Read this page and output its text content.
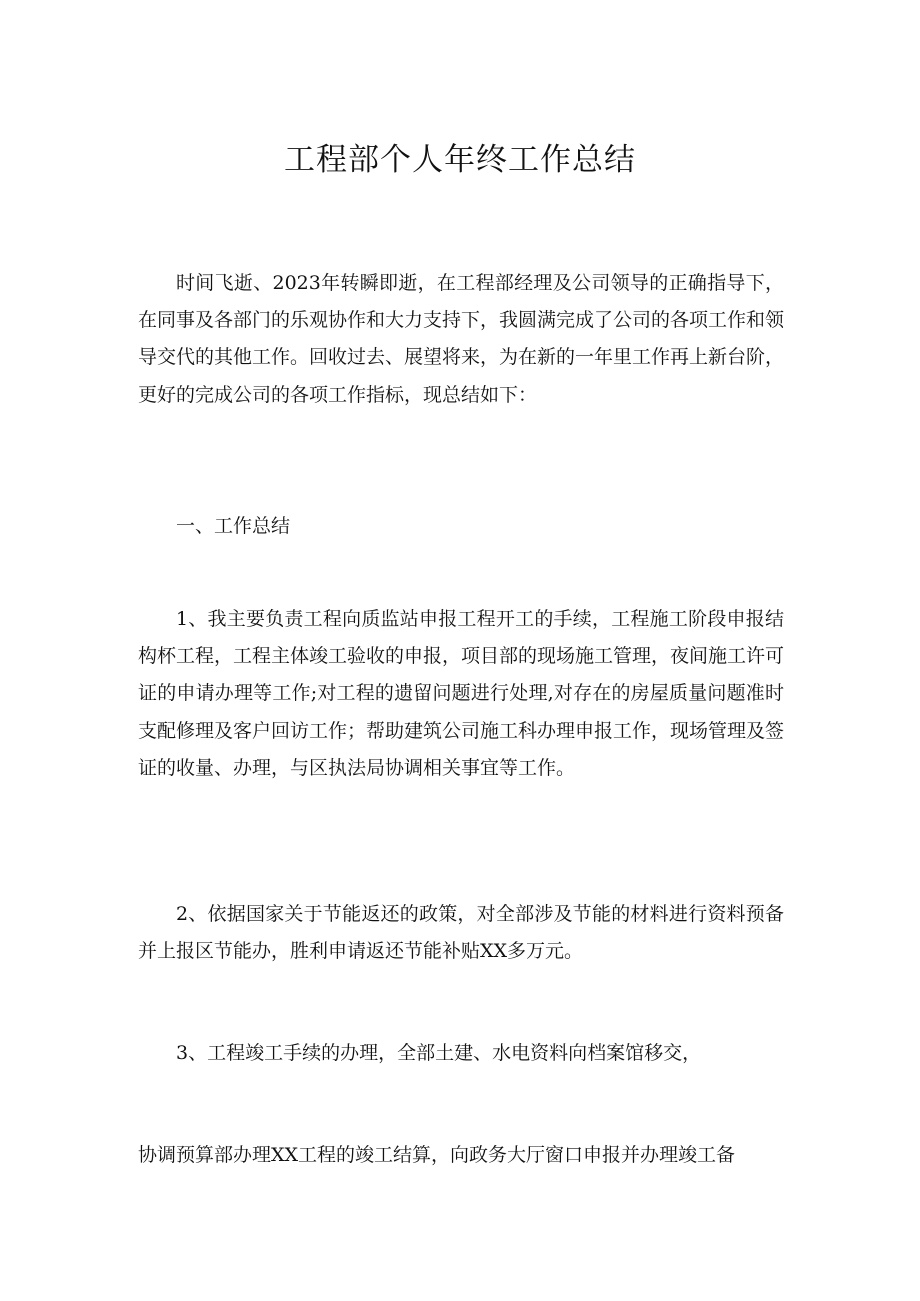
工程部个人年终工作总结

时间飞逝、2023年转瞬即逝，在工程部经理及公司领导的正确指导下，在同事及各部门的乐观协作和大力支持下，我圆满完成了公司的各项工作和领导交代的其他工作。回收过去、展望将来，为在新的一年里工作再上新台阶，更好的完成公司的各项工作指标，现总结如下：

一、工作总结

1、我主要负责工程向质监站申报工程开工的手续，工程施工阶段申报结构杯工程，工程主体竣工验收的申报，项目部的现场施工管理，夜间施工许可证的申请办理等工作;对工程的遗留问题进行处理,对存在的房屋质量问题准时支配修理及客户回访工作；帮助建筑公司施工科办理申报工作，现场管理及签证的收量、办理，与区执法局协调相关事宜等工作。

2、依据国家关于节能返还的政策，对全部涉及节能的材料进行资料预备并上报区节能办，胜利申请返还节能补贴XX多万元。

3、工程竣工手续的办理，全部土建、水电资料向档案馆移交，

协调预算部办理XX工程的竣工结算，向政务大厅窗口申报并办理竣工备
